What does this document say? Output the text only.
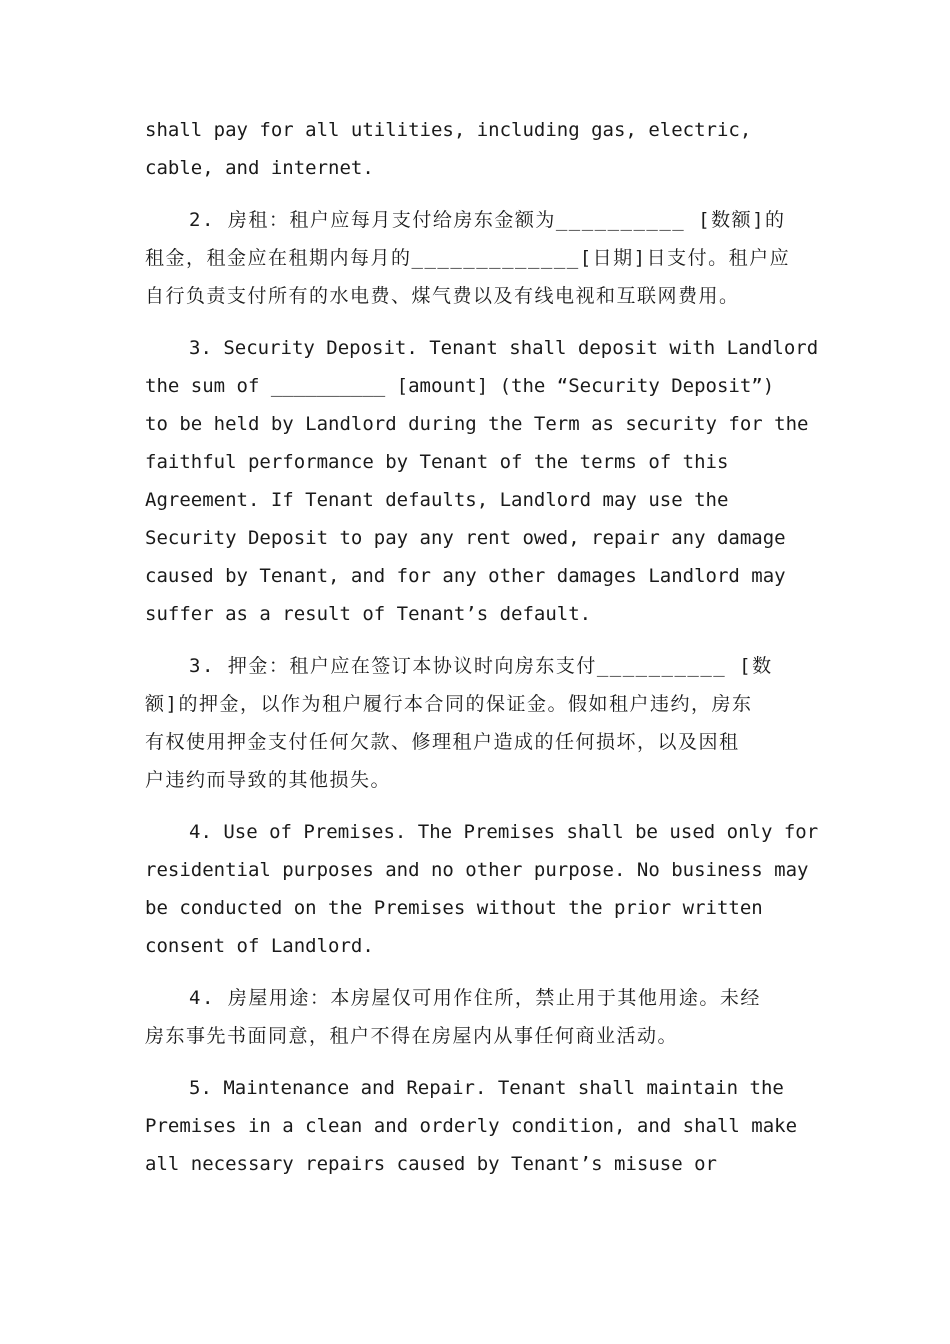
shall pay for all utilities, including gas, electric,
cable, and internet.
2. 房租：租户应每月支付给房东金额为__________ [数额]的
租金，租金应在租期内每月的_____________[日期]日支付。租户应
自行负责支付所有的水电费、煤气费以及有线电视和互联网费用。
3. Security Deposit. Tenant shall deposit with Landlord
the sum of __________ [amount] (the “Security Deposit”)
to be held by Landlord during the Term as security for the
faithful performance by Tenant of the terms of this
Agreement. If Tenant defaults, Landlord may use the
Security Deposit to pay any rent owed, repair any damage
caused by Tenant, and for any other damages Landlord may
suffer as a result of Tenant’s default.
3. 押金：租户应在签订本协议时向房东支付__________ [数
额]的押金，以作为租户履行本合同的保证金。假如租户违约，房东
有权使用押金支付任何欠款、修理租户造成的任何损坏，以及因租
户违约而导致的其他损失。
4. Use of Premises. The Premises shall be used only for
residential purposes and no other purpose. No business may
be conducted on the Premises without the prior written
consent of Landlord.
4. 房屋用途：本房屋仅可用作住所，禁止用于其他用途。未经
房东事先书面同意，租户不得在房屋内从事任何商业活动。
5. Maintenance and Repair. Tenant shall maintain the
Premises in a clean and orderly condition, and shall make
all necessary repairs caused by Tenant’s misuse or
